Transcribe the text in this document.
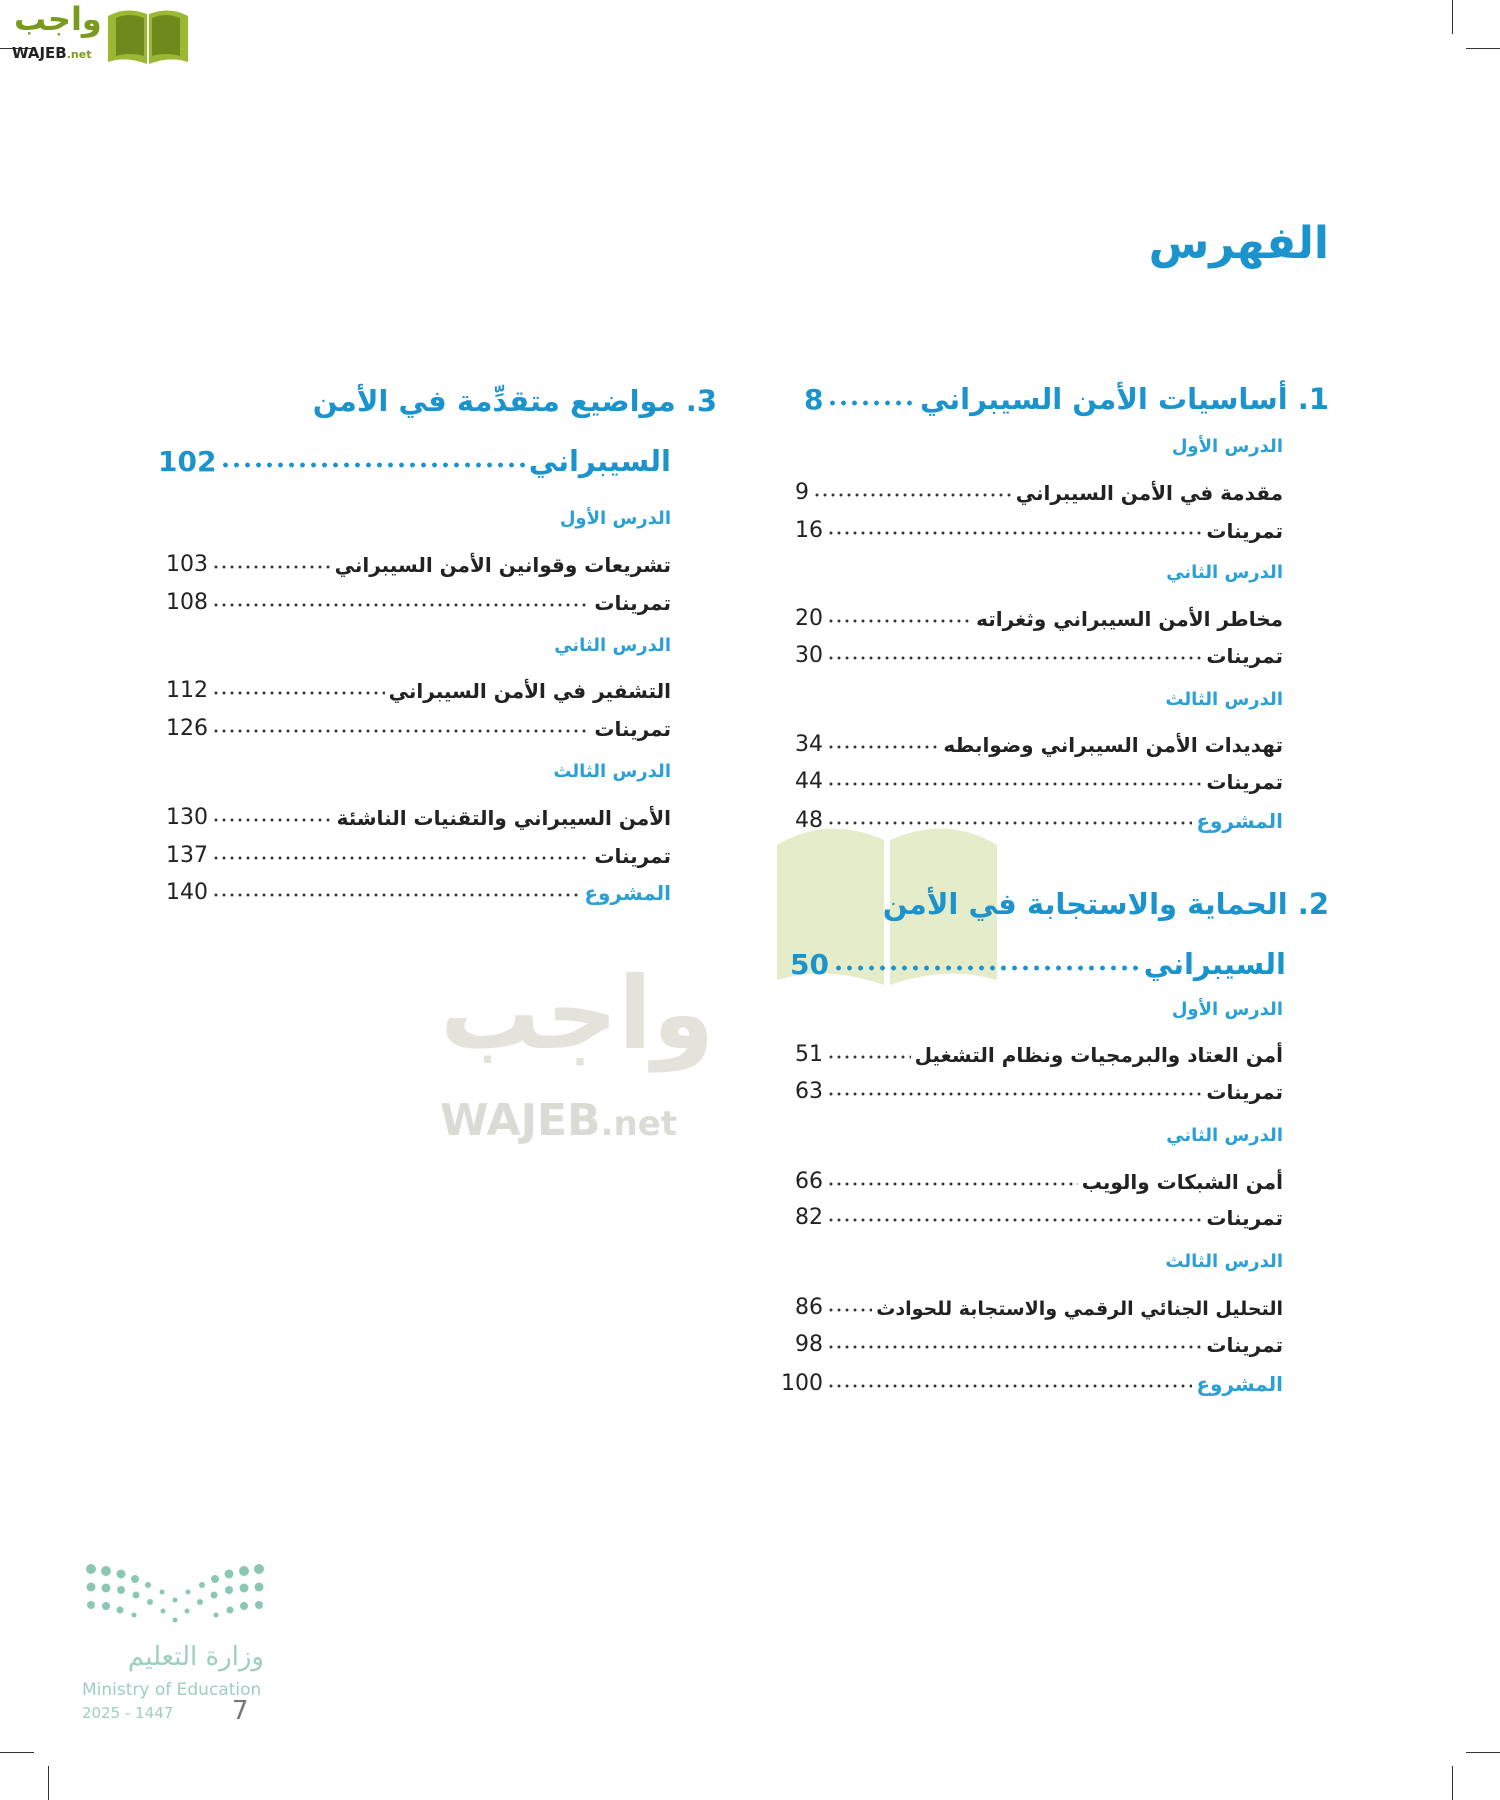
واجب
WAJEB.net
واجب
WAJEB.net
الفهرس
1. أساسيات الأمن السيبراني
8
الدرس الأول
مقدمة في الأمن السيبراني
9
تمرينات
16
الدرس الثاني
مخاطر الأمن السيبراني وثغراته
20
تمرينات
30
الدرس الثالث
تهديدات الأمن السيبراني وضوابطه
34
تمرينات
44
المشروع
48
2. الحماية والاستجابة في الأمن
السيبراني
50
الدرس الأول
أمن العتاد والبرمجيات ونظام التشغيل
51
تمرينات
63
الدرس الثاني
أمن الشبكات والويب
66
تمرينات
82
الدرس الثالث
التحليل الجنائي الرقمي والاستجابة للحوادث
86
تمرينات
98
المشروع
100
3. مواضيع متقدِّمة في الأمن
السيبراني
102
الدرس الأول
تشريعات وقوانين الأمن السيبراني
103
تمرينات
108
الدرس الثاني
التشفير في الأمن السيبراني
112
تمرينات
126
الدرس الثالث
الأمن السيبراني والتقنيات الناشئة
130
تمرينات
137
المشروع
140
وزارة التعليم
Ministry of Education
2025 - 1447 7
